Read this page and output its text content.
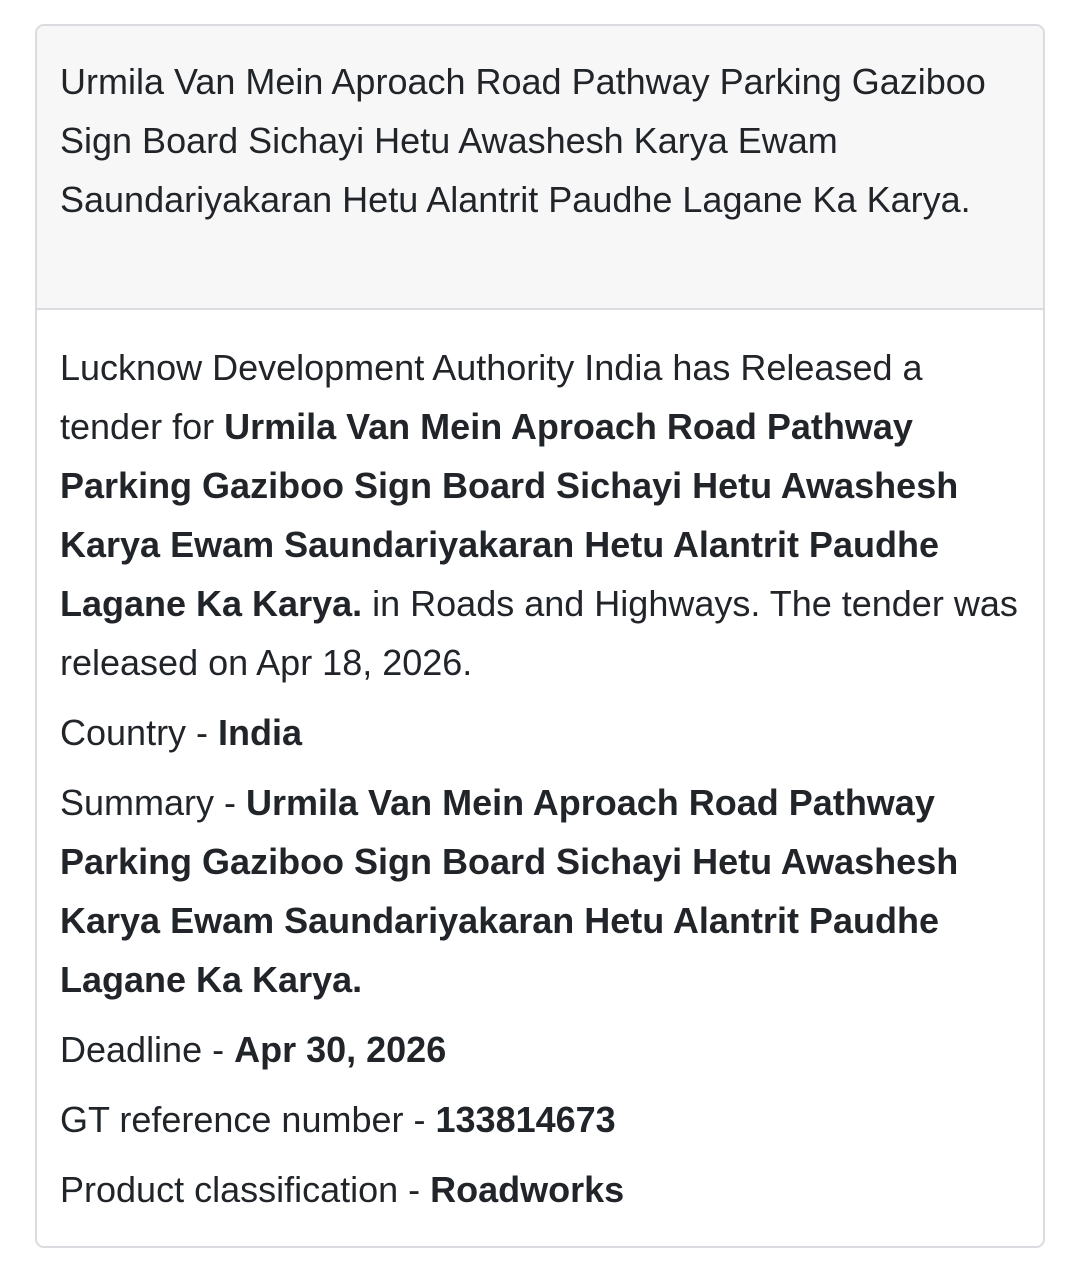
Urmila Van Mein Aproach Road Pathway Parking Gaziboo Sign Board Sichayi Hetu Awashesh Karya Ewam Saundariyakaran Hetu Alantrit Paudhe Lagane Ka Karya.

Lucknow Development Authority India has Released a tender for Urmila Van Mein Aproach Road Pathway Parking Gaziboo Sign Board Sichayi Hetu Awashesh Karya Ewam Saundariyakaran Hetu Alantrit Paudhe Lagane Ka Karya. in Roads and Highways. The tender was released on Apr 18, 2026.

Country - India

Summary - Urmila Van Mein Aproach Road Pathway Parking Gaziboo Sign Board Sichayi Hetu Awashesh Karya Ewam Saundariyakaran Hetu Alantrit Paudhe Lagane Ka Karya.

Deadline - Apr 30, 2026

GT reference number - 133814673

Product classification - Roadworks
